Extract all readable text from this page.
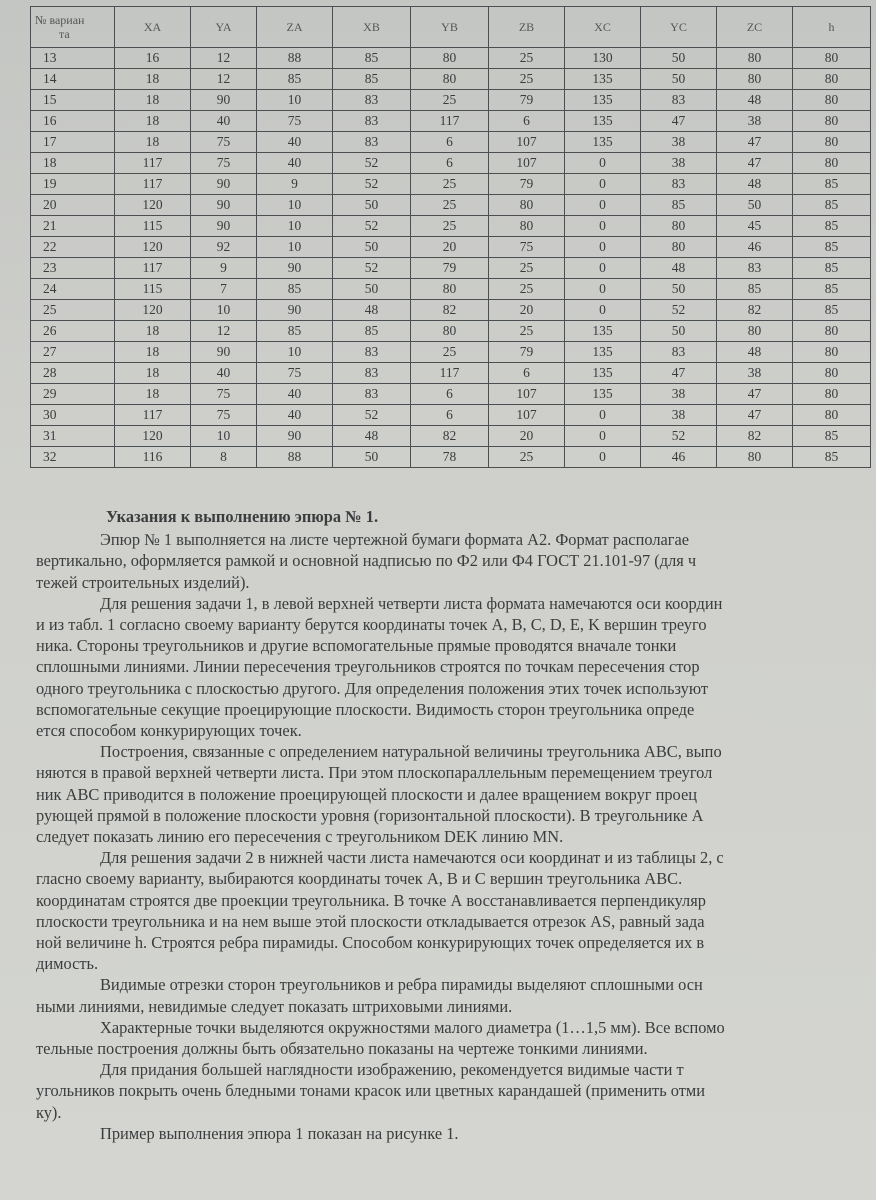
№ вариан
та	XA	YA	ZA	XB	YB	ZB	XC	YC	ZC	h
13	16	12	88	85	80	25	130	50	80	80
14	18	12	85	85	80	25	135	50	80	80
15	18	90	10	83	25	79	135	83	48	80
16	18	40	75	83	117	6	135	47	38	80
17	18	75	40	83	6	107	135	38	47	80
18	117	75	40	52	6	107	0	38	47	80
19	117	90	9	52	25	79	0	83	48	85
20	120	90	10	50	25	80	0	85	50	85
21	115	90	10	52	25	80	0	80	45	85
22	120	92	10	50	20	75	0	80	46	85
23	117	9	90	52	79	25	0	48	83	85
24	115	7	85	50	80	25	0	50	85	85
25	120	10	90	48	82	20	0	52	82	85
26	18	12	85	85	80	25	135	50	80	80
27	18	90	10	83	25	79	135	83	48	80
28	18	40	75	83	117	6	135	47	38	80
29	18	75	40	83	6	107	135	38	47	80
30	117	75	40	52	6	107	0	38	47	80
31	120	10	90	48	82	20	0	52	82	85
32	116	8	88	50	78	25	0	46	80	85
Указания к выполнению эпюра № 1.
Эпюр № 1 выполняется на листе чертежной бумаги формата А2. Формат располагае
вертикально, оформляется рамкой и основной надписью по Ф2 или Ф4 ГОСТ 21.101-97 (для ч
тежей строительных изделий).
Для решения задачи 1, в левой верхней четверти листа формата намечаются оси координ
и из табл. 1 согласно своему варианту берутся координаты точек A, B, C, D, E, K вершин треуго
ника. Стороны треугольников и другие вспомогательные прямые проводятся вначале тонки
сплошными линиями. Линии пересечения треугольников строятся по точкам пересечения стор
одного треугольника с плоскостью другого. Для определения положения этих точек используют
вспомогательные секущие проецирующие плоскости. Видимость сторон треугольника опреде
ется способом конкурирующих точек.
Построения, связанные с определением натуральной величины треугольника ABC, выпо
няются в правой верхней четверти листа. При этом плоскопараллельным перемещением треугол
ник ABC приводится в положение проецирующей плоскости и далее вращением вокруг проец
рующей прямой в положение плоскости уровня (горизонтальной плоскости). В треугольнике А
следует показать линию его пересечения с треугольником DEK линию MN.
Для решения задачи 2 в нижней части листа намечаются оси координат и из таблицы 2, с
гласно своему варианту, выбираются координаты точек А, В и С вершин треугольника АВС.
координатам строятся две проекции треугольника. В точке А восстанавливается перпендикуляр
плоскости треугольника и на нем выше этой плоскости откладывается отрезок AS, равный зада
ной величине h. Строятся ребра пирамиды. Способом конкурирующих точек определяется их в
димость.
Видимые отрезки сторон треугольников и ребра пирамиды выделяют сплошными осн
ными линиями, невидимые следует показать штриховыми линиями.
Характерные точки выделяются окружностями малого диаметра (1…1,5 мм). Все вспомо
тельные построения должны быть обязательно показаны на чертеже тонкими линиями.
Для придания большей наглядности изображению, рекомендуется видимые части т
угольников покрыть очень бледными тонами красок или цветных карандашей (применить отми
ку).
Пример выполнения эпюра 1 показан на рисунке 1.
